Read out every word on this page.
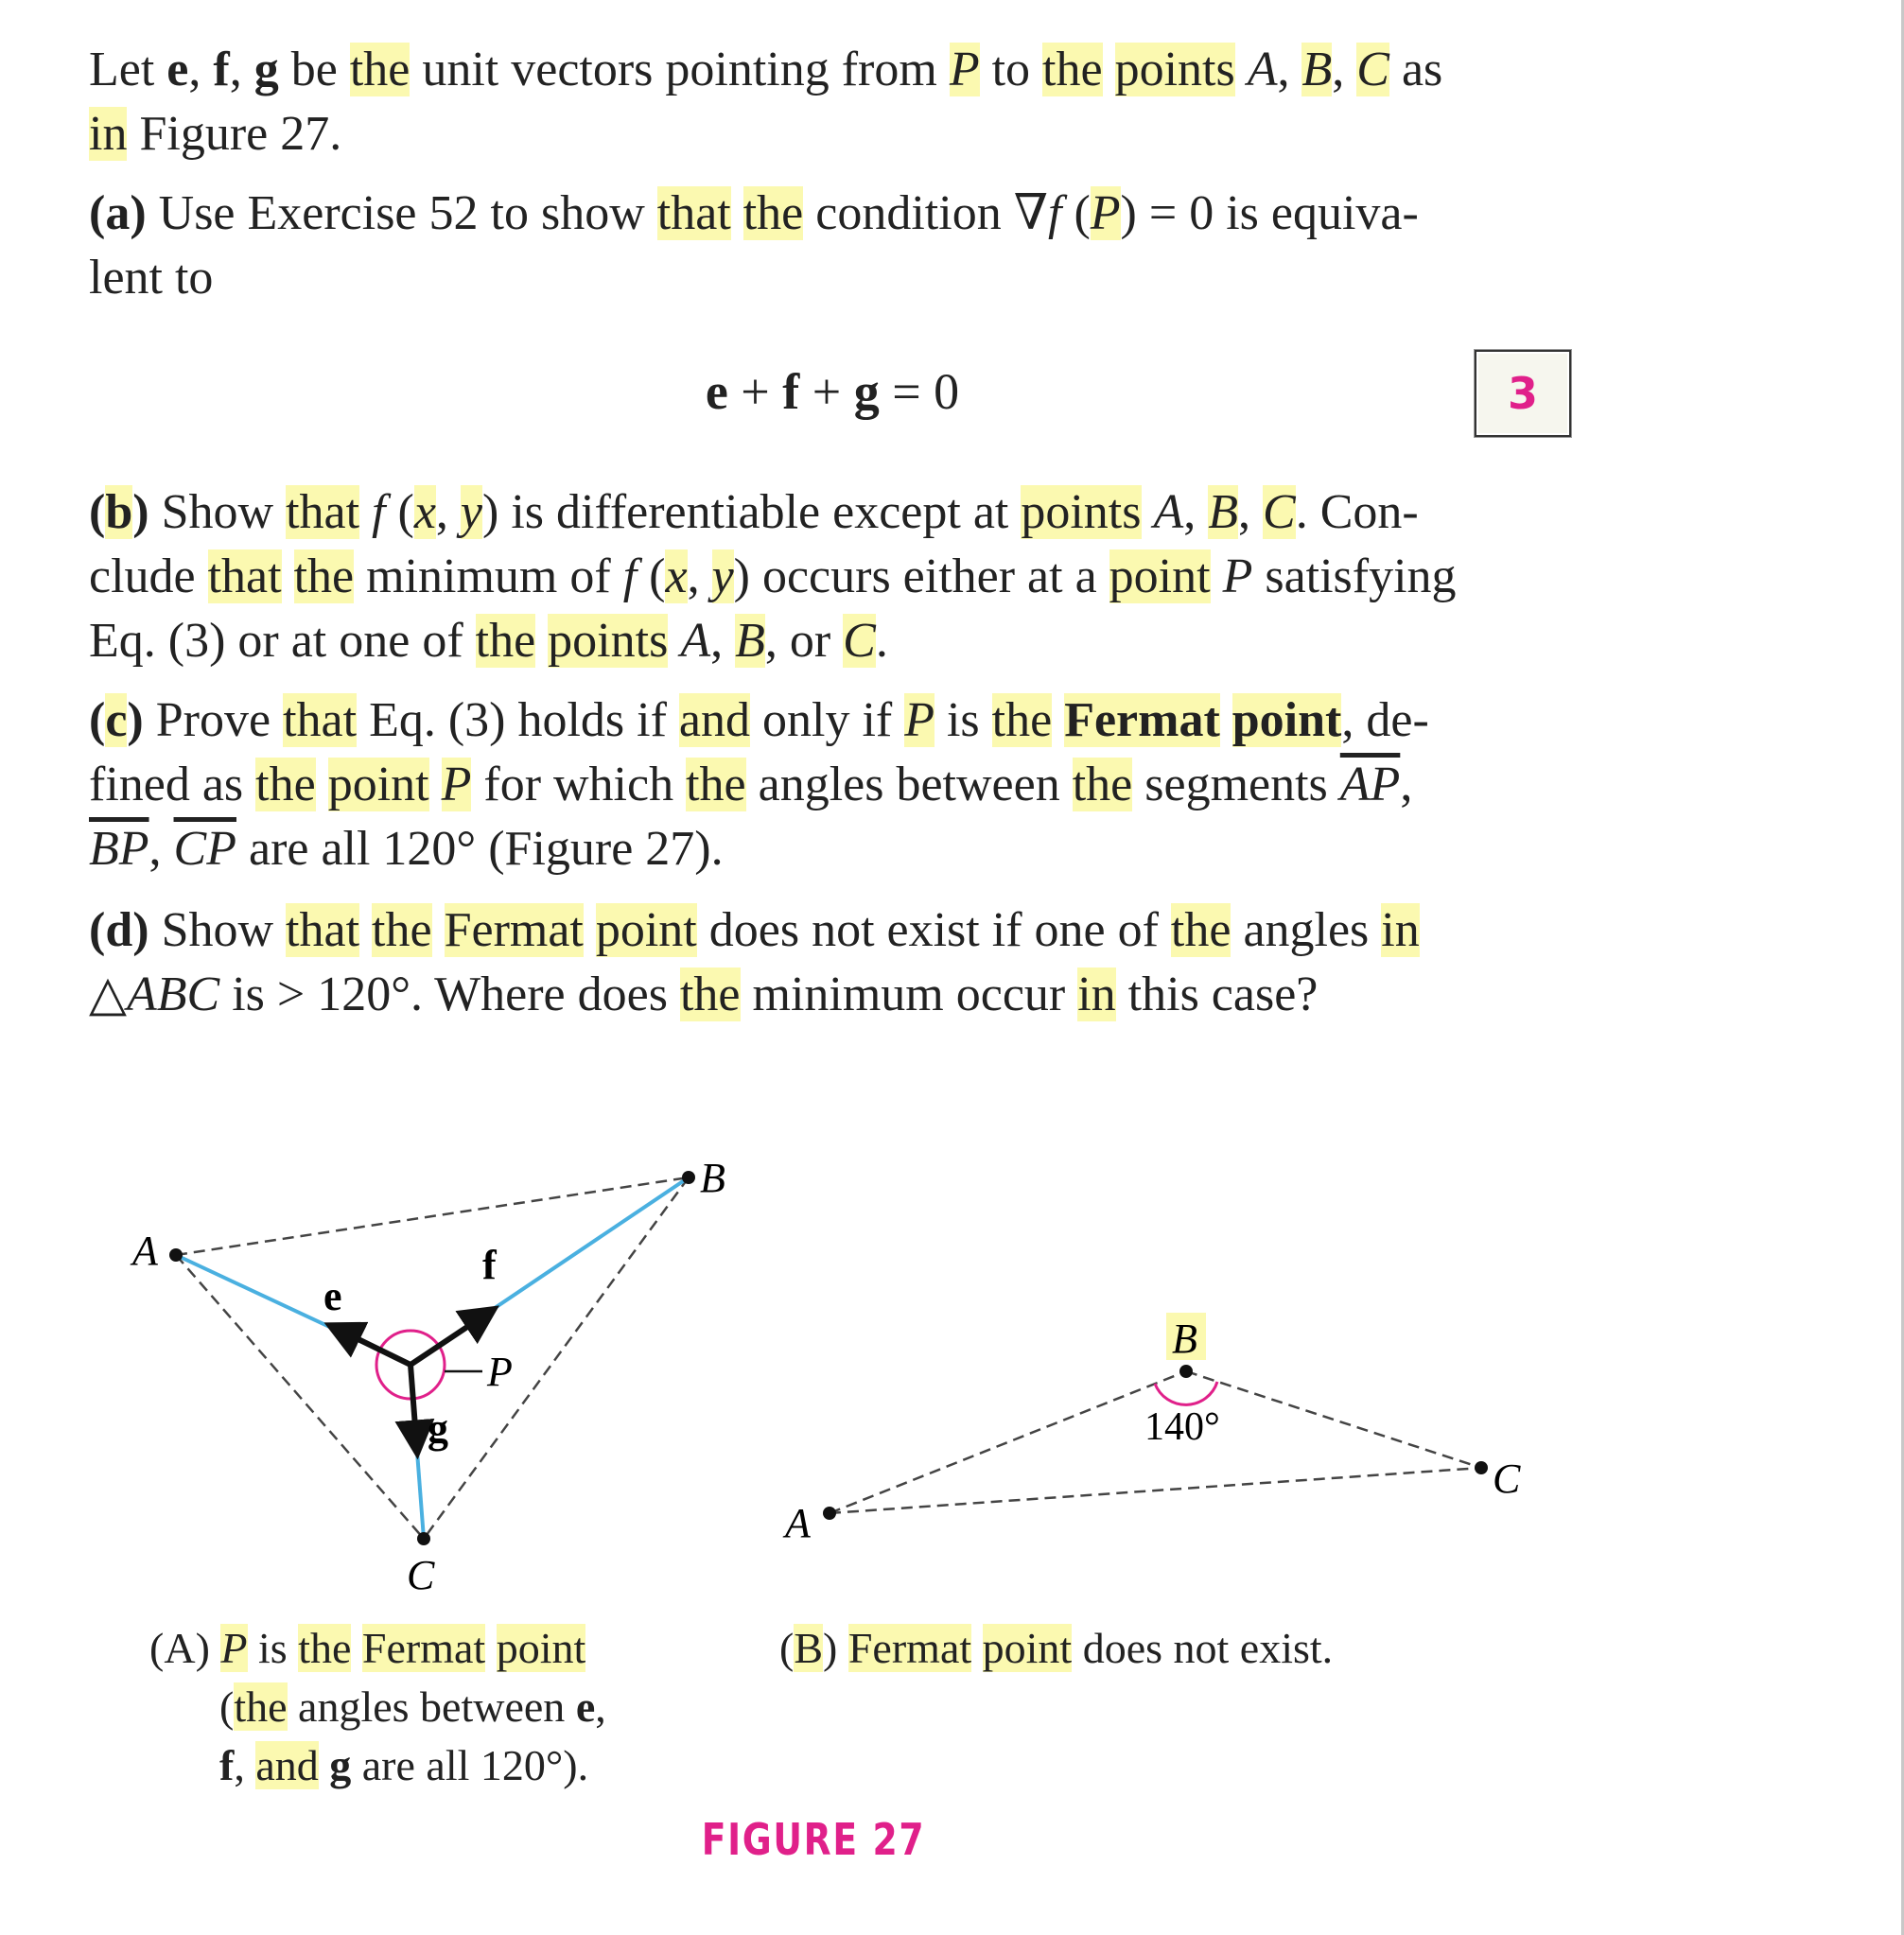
Let e, f, g be the unit vectors pointing from P to the points A, B, C as
in Figure 27.

(a) Use Exercise 52 to show that the condition ∇f (P) = 0 is equiva-
lent to

e + f + g = 0	3

(b) Show that f (x, y) is differentiable except at points A, B, C. Con-
clude that the minimum of f (x, y) occurs either at a point P satisfying
Eq. (3) or at one of the points A, B, or C.

(c) Prove that Eq. (3) holds if and only if P is the Fermat point, de-
fined as the point P for which the angles between the segments $\overline{AP}$,
$\overline{BP}$, $\overline{CP}$ are all 120° (Figure 27).

(d) Show that the Fermat point does not exist if one of the angles in
△ABC is > 120°. Where does the minimum occur in this case?

A
B
C
P
e
f
g
B
A
C
140°
(A) P is the Fermat point
(the angles between e,
f, and g are all 120°).
(B) Fermat point does not exist.
FIGURE 27
